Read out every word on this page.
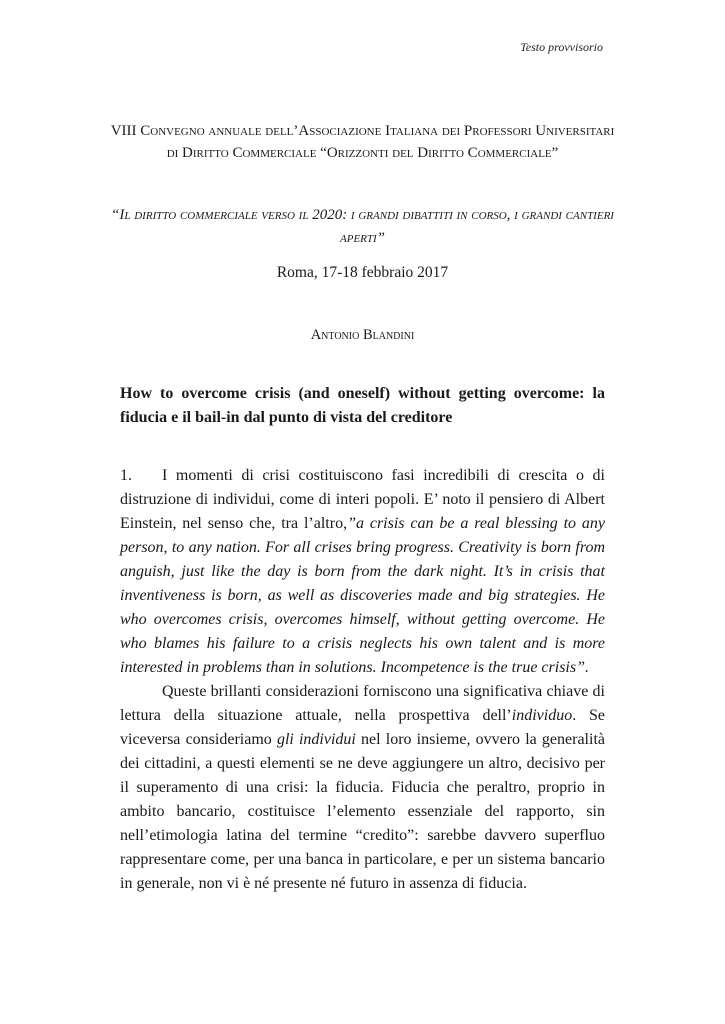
Testo provvisorio
VIII Convegno annuale dell’Associazione Italiana dei Professori Universitari
di Diritto Commerciale “Orizzonti del Diritto Commerciale”
“Il diritto commerciale verso il 2020: i grandi dibattiti in corso, i grandi cantieri aperti”
Roma, 17-18 febbraio 2017
Antonio Blandini
How to overcome crisis (and oneself) without getting overcome: la fiducia e il bail-in dal punto di vista del creditore

1. I momenti di crisi costituiscono fasi incredibili di crescita o di distruzione di individui, come di interi popoli. E’ noto il pensiero di Albert Einstein, nel senso che, tra l’altro,”a crisis can be a real blessing to any person, to any nation. For all crises bring progress. Creativity is born from anguish, just like the day is born from the dark night. It’s in crisis that inventiveness is born, as well as discoveries made and big strategies. He who overcomes crisis, overcomes himself, without getting overcome. He who blames his failure to a crisis neglects his own talent and is more interested in problems than in solutions. Incompetence is the true crisis”.

Queste brillanti considerazioni forniscono una significativa chiave di lettura della situazione attuale, nella prospettiva dell’individuo. Se viceversa consideriamo gli individui nel loro insieme, ovvero la generalità dei cittadini, a questi elementi se ne deve aggiungere un altro, decisivo per il superamento di una crisi: la fiducia. Fiducia che peraltro, proprio in ambito bancario, costituisce l’elemento essenziale del rapporto, sin nell’etimologia latina del termine “credito”: sarebbe davvero superfluo rappresentare come, per una banca in particolare, e per un sistema bancario in generale, non vi è né presente né futuro in assenza di fiducia.
